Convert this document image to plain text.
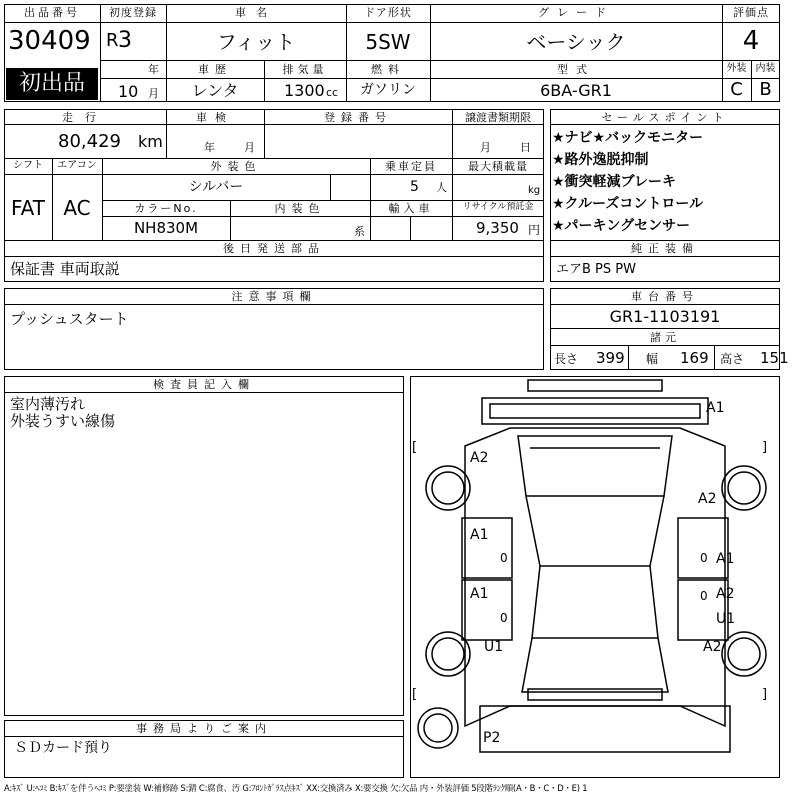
出品番号
30409
初出品
初度登録
R 3
年
10 月
車名
フィット
ドア形状
5SW
グレード
ベーシック
評価点
4
車歴
レンタ
排気量
1300 cc
燃料
ガソリン
型式
6BA-GR1
外装 内装
C B
走行
80,429 km
車検
年	月
登録番号	譲渡書類期限
月	日
シフト
FAT
エアコン
AC
外装色
シルバー
乗車定員
5 人
最大積載量
kg
カラーNo.
NH830M
内装色
系
輸入車	リサイクル預託金
9,350 円
後日発送部品
保証書 車両取説
セールスポイント
★ナビ★バックモニター
★路外逸脱抑制
★衝突軽減ブレーキ
★クルーズコントロール
★パーキングセンサー
純正装備
エアB PS PW
注意事項欄
プッシュスタート
車台番号
GR1-1103191
諸元
長さ 399 幅 169 高さ 151
検査員記入欄
室内薄汚れ
外装うすい線傷
事務局よりご案内
ＳＤカード預り
[	]
[	]
A1
A2
A2
A1
A1
A1	A2
U1
U1	A2
P2
0	0
0
0
A:ｷｽﾞ U:ﾍｺﾐ B:ｷｽﾞを伴うﾍｺﾐ P:要塗装 W:補修跡 S:錆 C:腐食、汚 G:ﾌﾛﾝﾄｶﾞﾗｽ点ｷｽﾞ XX:交換済み X:要交換 欠:欠品 内・外装評価 5段階ﾗﾝｸ順(A・B・C・D・E) 1
